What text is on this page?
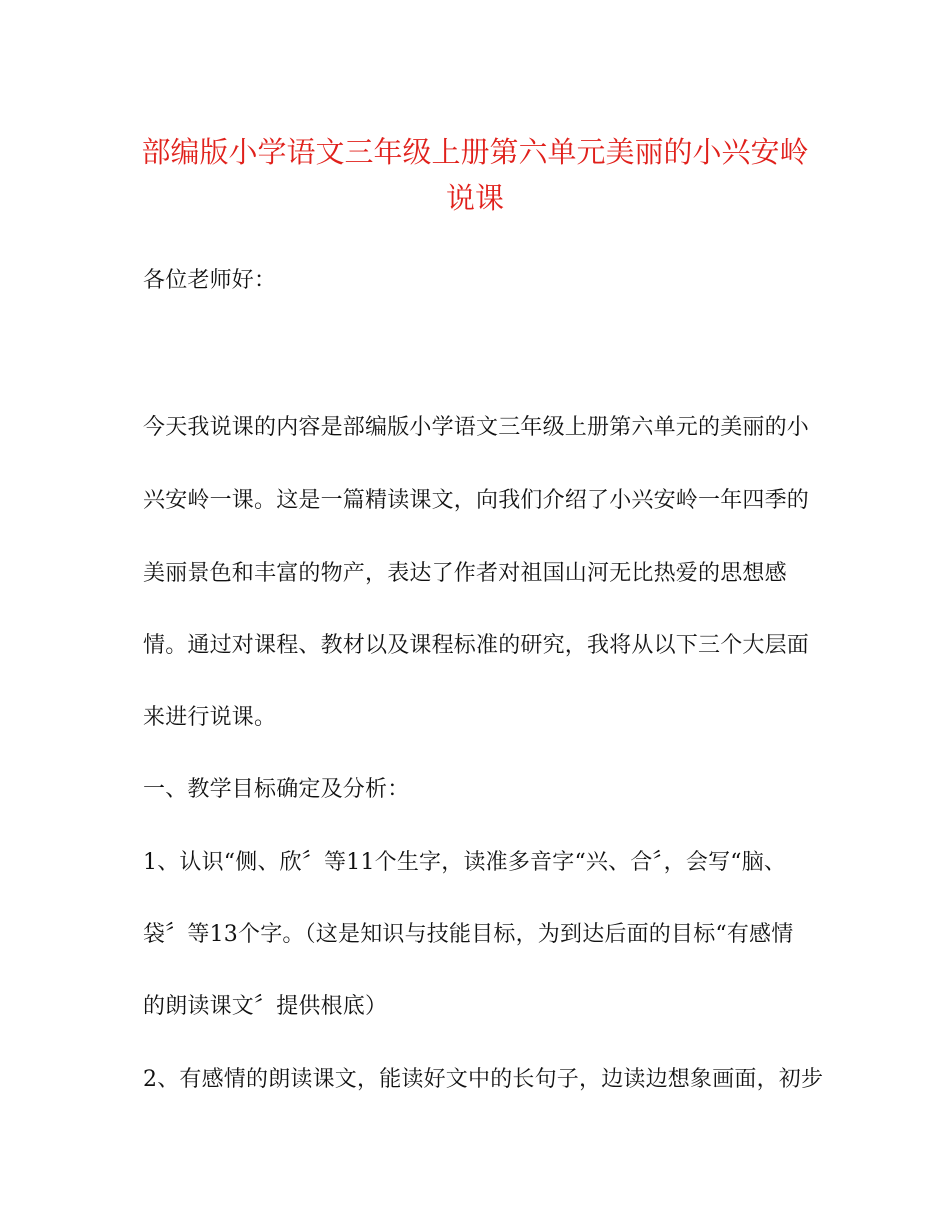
部编版小学语文三年级上册第六单元美丽的小兴安岭
说课
各位老师好：
今天我说课的内容是部编版小学语文三年级上册第六单元的美丽的小
兴安岭一课。这是一篇精读课文，向我们介绍了小兴安岭一年四季的
美丽景色和丰富的物产，表达了作者对祖国山河无比热爱的思想感
情。通过对课程、教材以及课程标准的研究，我将从以下三个大层面
来进行说课。
一、教学目标确定及分析：
1、认识“侧、欣〞等11个生字，读准多音字“兴、合〞，会写“脑、
袋〞等13个字。（这是知识与技能目标，为到达后面的目标“有感情
的朗读课文〞提供根底）
2、有感情的朗读课文，能读好文中的长句子，边读边想象画面，初步
